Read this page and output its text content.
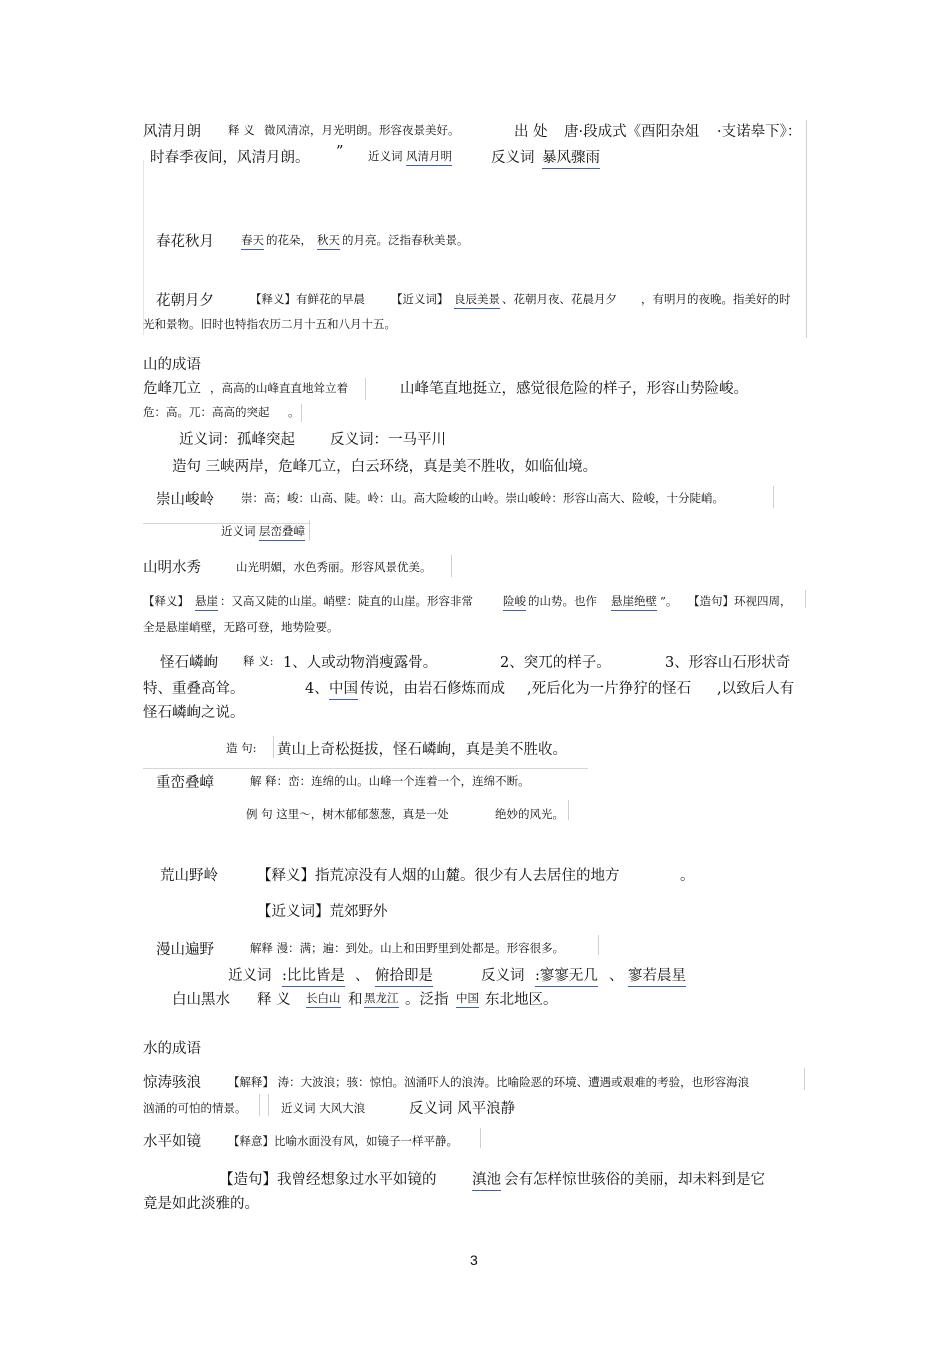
风清月朗 释 义 微风清凉，月光明朗。形容夜景美好。	出 处 唐·段成式《酉阳杂俎 ·支诺皋下》：
时春季夜间，风清月朗。 ” 近义词 风清月明	反义词 暴风骤雨
春花秋月 春天 的花朵， 秋天 的月亮。泛指春秋美景。
花朝月夕	【释义】有鲜花的早晨 【近义词】 良辰美景 、花朝月夜、花晨月夕 ，有明月的夜晚。指美好的时
光和景物。旧时也特指农历二月十五和八月十五。
山的成语
危峰兀立 ，高高的山峰直直地耸立着	山峰笔直地挺立，感觉很危险的样子，形容山势险峻。
危：高。兀：高高的突起 。
近义词：孤峰突起 反义词：一马平川
造句 三峡两岸，危峰兀立，白云环绕，真是美不胜收，如临仙境。
崇山峻岭 崇：高；峻：山高、陡。岭：山。高大险峻的山岭。崇山峻岭：形容山高大、险峻，十分陡峭。
近义词 层峦叠嶂
山明水秀	山光明媚，水色秀丽。形容风景优美。
【释义】 悬崖 ：又高又陡的山崖。峭壁：陡直的山崖。形容非常	险峻 的山势。也作 悬崖绝壁 ”。 【造句】环视四周，
全是悬崖峭壁，无路可登，地势险要。
怪石嶙峋 释 义: 1、人或动物消瘦露骨。	2、突兀的样子。	3、形容山石形状奇
特、重叠高耸。	4、 中国 传说，由岩石修炼而成 ,死后化为一片狰狞的怪石 ,以致后人有
怪石嶙峋之说。
造 句: 黄山上奇松挺拔，怪石嶙峋，真是美不胜收。
重峦叠嶂	解 释：峦：连绵的山。山峰一个连着一个，连绵不断。
例 句 这里～，树木郁郁葱葱，真是一处	绝妙的风光。
荒山野岭	【释义】指荒凉没有人烟的山麓。很少有人去居住的地方	。
【近义词】荒郊野外
漫山遍野	解释 漫：满；遍：到处。山上和田野里到处都是。形容很多。
近义词 :比比皆是 、 俯拾即是	反义词 :寥寥无几 、 寥若晨星
白山黑水 释 义 长白山 和 黑龙江 。泛指 中国 东北地区。
水的成语
惊涛骇浪 【解释】 涛：大波浪；骇：惊怕。汹涌吓人的浪涛。比喻险恶的环境、遭遇或艰难的考验，也形容海浪
汹涌的可怕的情景。	近义词 大风大浪	反义词 风平浪静
水平如镜 【释意】比喻水面没有风，如镜子一样平静。
【造句】我曾经想象过水平如镜的 滇池 会有怎样惊世骇俗的美丽，却未料到是它
竟是如此淡雅的。
3
